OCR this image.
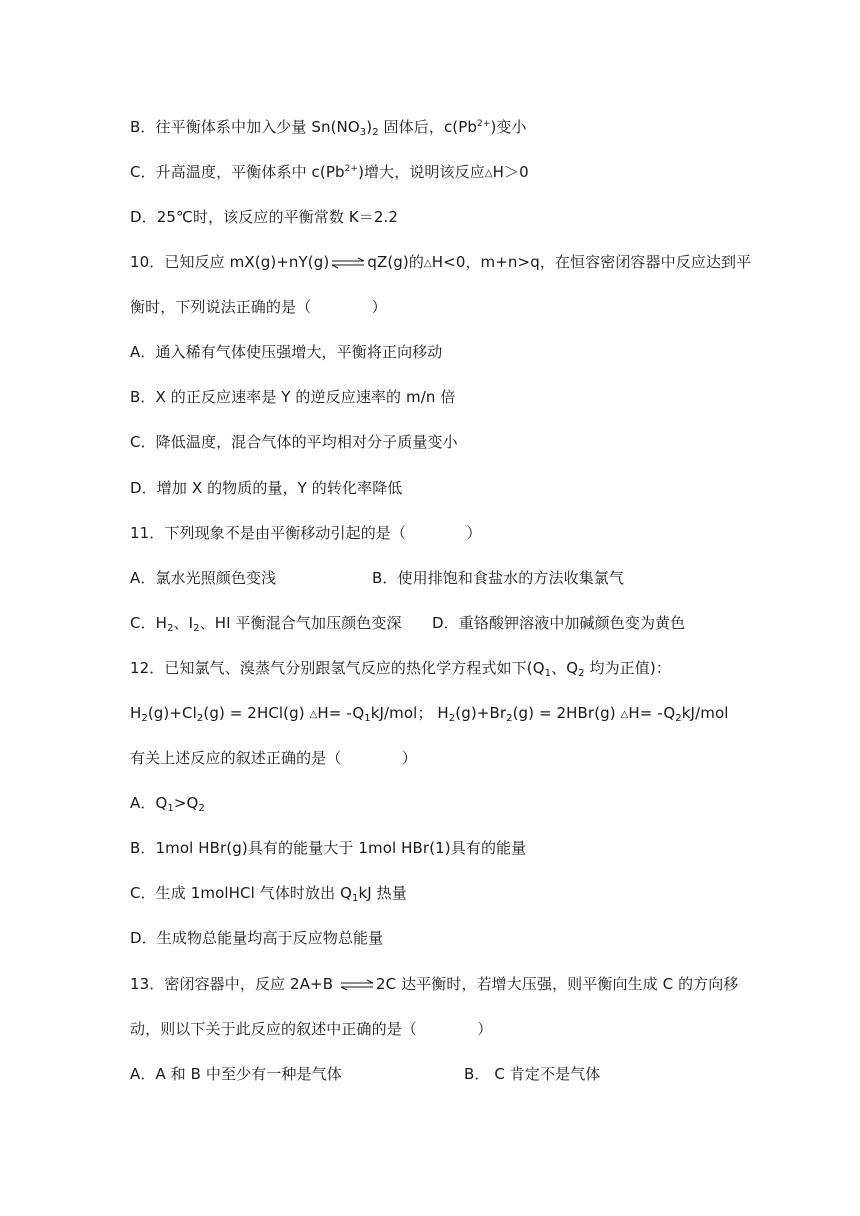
B．往平衡体系中加入少量 $Sn(NO_3)_2$ 固体后，$c(Pb^{2+})$变小
C．升高温度，平衡体系中 $c(Pb^{2+})$增大，说明该反应△H＞0
D．25℃时，该反应的平衡常数 K＝2.2
10．已知反应 mX(g)+nY(g) ⇌ qZ(g)的△H<0，m+n>q，在恒容密闭容器中反应达到平
衡时，下列说法正确的是（　　　　）
A．通入稀有气体使压强增大，平衡将正向移动
B．X 的正反应速率是 Y 的逆反应速率的 m/n 倍
C．降低温度，混合气体的平均相对分子质量变小
D．增加 X 的物质的量，Y 的转化率降低
11．下列现象不是由平衡移动引起的是（　　　　）
A．氯水光照颜色变浅	B．使用排饱和食盐水的方法收集氯气
C．$H_2$、$I_2$、HI 平衡混合气加压颜色变深 D．重铬酸钾溶液中加碱颜色变为黄色
12．已知氯气、溴蒸气分别跟氢气反应的热化学方程式如下($Q_1$、$Q_2$ 均为正值)：
$H_2(g)+Cl_2(g) = 2HCl(g)$ △H= $-Q_1kJ$/mol； $H_2(g)+Br_2(g) = 2HBr(g)$ △H= $-Q_2kJ$/mol
有关上述反应的叙述正确的是（　　　　）
A．$Q_1>Q_2$
B．1mol HBr(g)具有的能量大于 1mol HBr(1)具有的能量
C．生成 1molHCl 气体时放出 $Q_1kJ$ 热量
D．生成物总能量均高于反应物总能量
13．密闭容器中，反应 2A+B ⇌ 2C 达平衡时，若增大压强，则平衡向生成 C 的方向移
动，则以下关于此反应的叙述中正确的是（　　　　）
A．A 和 B 中至少有一种是气体	B． C 肯定不是气体
